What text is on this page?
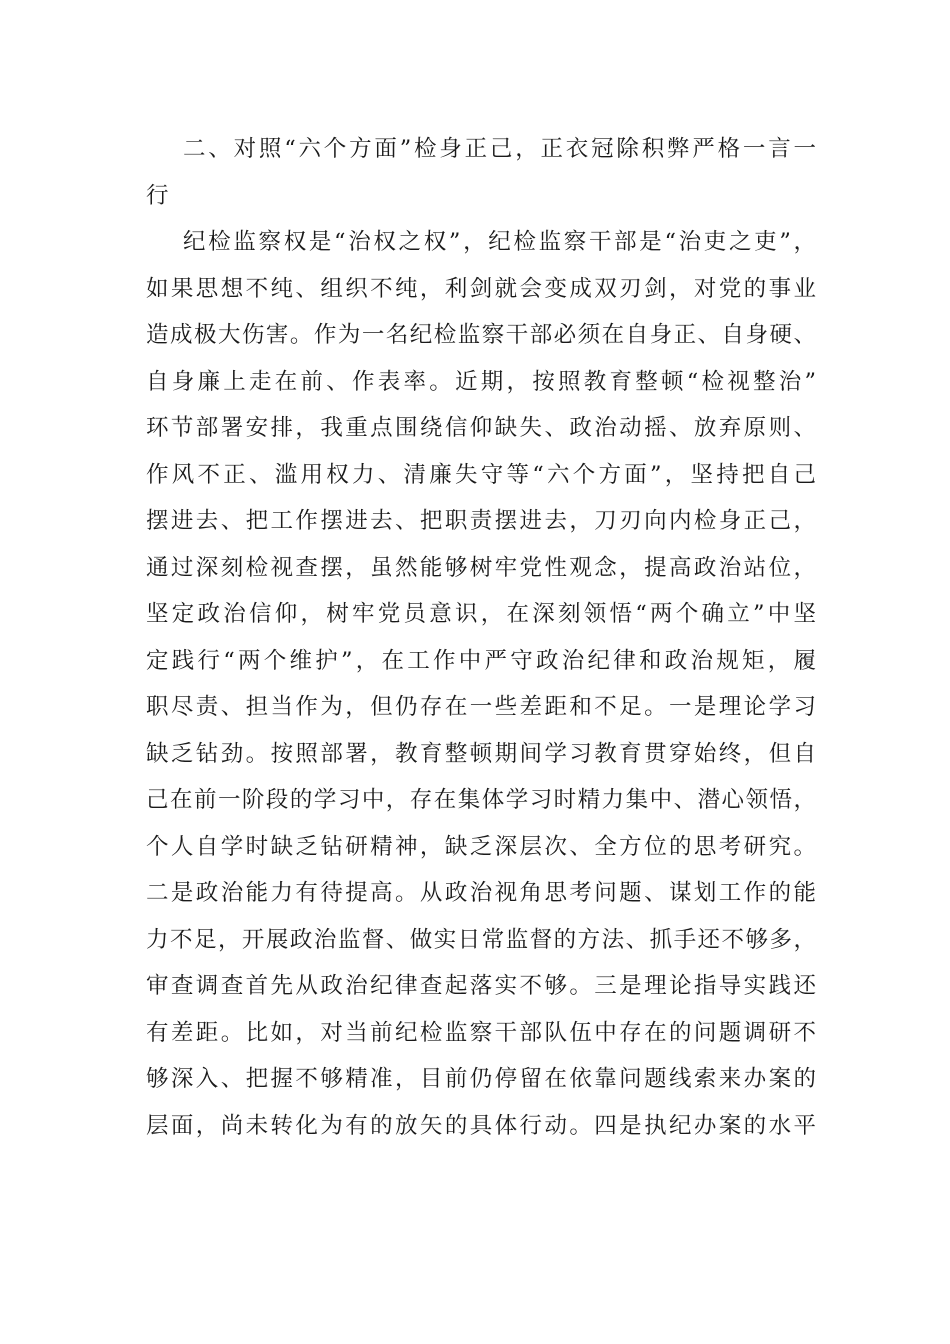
二、对照“六个方面”检身正己，正衣冠除积弊严格一言一
行
纪检监察权是“治权之权”，纪检监察干部是“治吏之吏”，
如果思想不纯、组织不纯，利剑就会变成双刃剑，对党的事业
造成极大伤害。作为一名纪检监察干部必须在自身正、自身硬、
自身廉上走在前、作表率。近期，按照教育整顿“检视整治”
环节部署安排，我重点围绕信仰缺失、政治动摇、放弃原则、
作风不正、滥用权力、清廉失守等“六个方面”，坚持把自己
摆进去、把工作摆进去、把职责摆进去，刀刃向内检身正己，
通过深刻检视查摆，虽然能够树牢党性观念，提高政治站位，
坚定政治信仰，树牢党员意识，在深刻领悟“两个确立”中坚
定践行“两个维护”，在工作中严守政治纪律和政治规矩，履
职尽责、担当作为，但仍存在一些差距和不足。一是理论学习
缺乏钻劲。按照部署，教育整顿期间学习教育贯穿始终，但自
己在前一阶段的学习中，存在集体学习时精力集中、潜心领悟，
个人自学时缺乏钻研精神，缺乏深层次、全方位的思考研究。
二是政治能力有待提高。从政治视角思考问题、谋划工作的能
力不足，开展政治监督、做实日常监督的方法、抓手还不够多，
审查调查首先从政治纪律查起落实不够。三是理论指导实践还
有差距。比如，对当前纪检监察干部队伍中存在的问题调研不
够深入、把握不够精准，目前仍停留在依靠问题线索来办案的
层面，尚未转化为有的放矢的具体行动。四是执纪办案的水平
